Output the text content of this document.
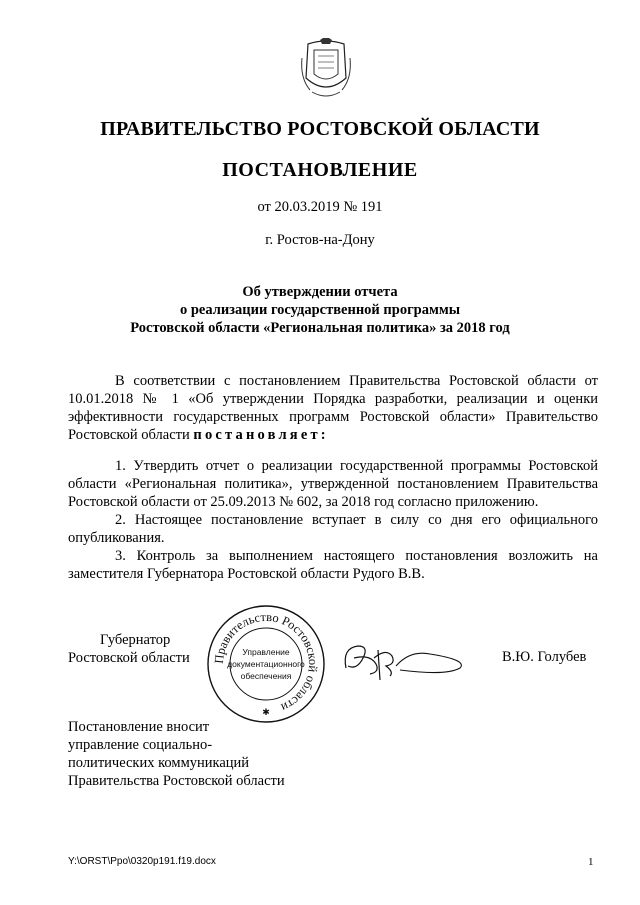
ПРАВИТЕЛЬСТВО РОСТОВСКОЙ ОБЛАСТИ
ПОСТАНОВЛЕНИЕ
от 20.03.2019 № 191
г. Ростов-на-Дону
Об утверждении отчета
о реализации государственной программы
Ростовской области «Региональная политика» за 2018 год

В соответствии с постановлением Правительства Ростовской области от 10.01.2018 № 1 «Об утверждении Порядка разработки, реализации и оценки эффективности государственных программ Ростовской области» Правительство Ростовской области постановляет:

1. Утвердить отчет о реализации государственной программы Ростовской области «Региональная политика», утвержденной постановлением Правительства Ростовской области от 25.09.2013 № 602, за 2018 год согласно приложению.

2. Настоящее постановление вступает в силу со дня его официального опубликования.

3. Контроль за выполнением настоящего постановления возложить на заместителя Губернатора Ростовской области Рудого В.В.

Губернатор
Ростовской области Правительство Ростовской области
Управление
документационного
обеспечения
✱
В.Ю. Голубев
Постановление вносит
управление социально-
политических коммуникаций
Правительства Ростовской области
Y:\ORST\Ppo\0320p191.f19.docx	1
